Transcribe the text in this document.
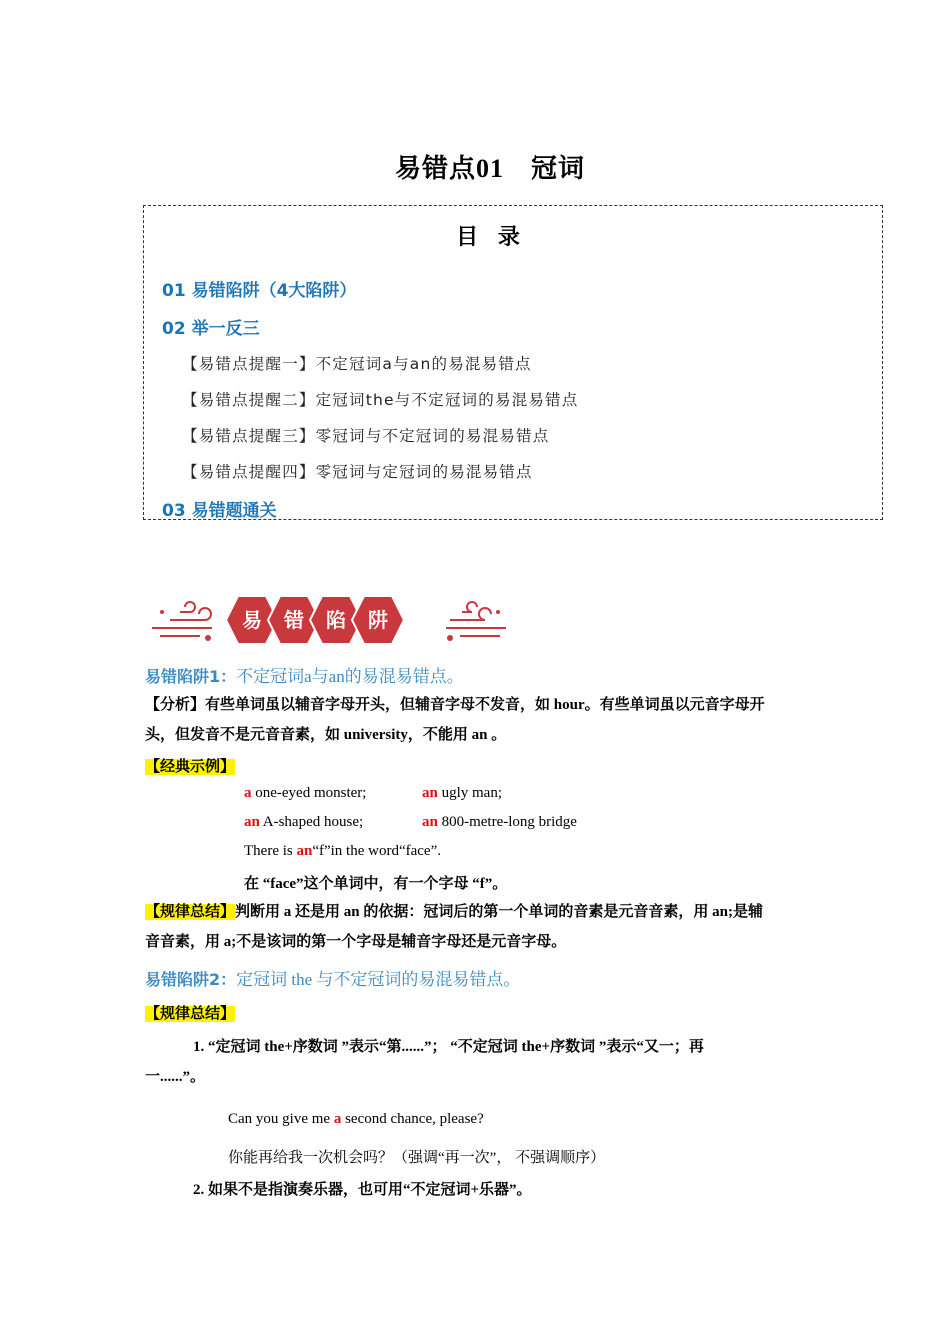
易错点01　冠词
目 录
01 易错陷阱（4大陷阱）
02 举一反三
【易错点提醒一】不定冠词a与an的易混易错点
【易错点提醒二】定冠词the与不定冠词的易混易错点
【易错点提醒三】零冠词与不定冠词的易混易错点
【易错点提醒四】零冠词与定冠词的易混易错点
03 易错题通关
易 错 陷 阱
易错陷阱1：不定冠词a与an的易混易错点。
【分析】有些单词虽以辅音字母开头，但辅音字母不发音，如 hour。有些单词虽以元音字母开
头，但发音不是元音音素，如 university，不能用 an 。
【经典示例】
a one-eyed monster;	an ugly man;
an A-shaped house;	an 800-metre-long bridge
There is an“f”in the word“face”.
在 “face”这个单词中，有一个字母 “f”。
【规律总结】判断用 a 还是用 an 的依据：冠词后的第一个单词的音素是元音音素，用 an;是辅
音音素，用 a;不是该词的第一个字母是辅音字母还是元音字母。
易错陷阱2：定冠词 the 与不定冠词的易混易错点。
【规律总结】
1. “定冠词 the+序数词 ”表示“第......”； “不定冠词 the+序数词 ”表示“又一；再
一......”。
Can you give me a second chance, please?
你能再给我一次机会吗？（强调“再一次”， 不强调顺序）
2. 如果不是指演奏乐器，也可用“不定冠词+乐器”。
